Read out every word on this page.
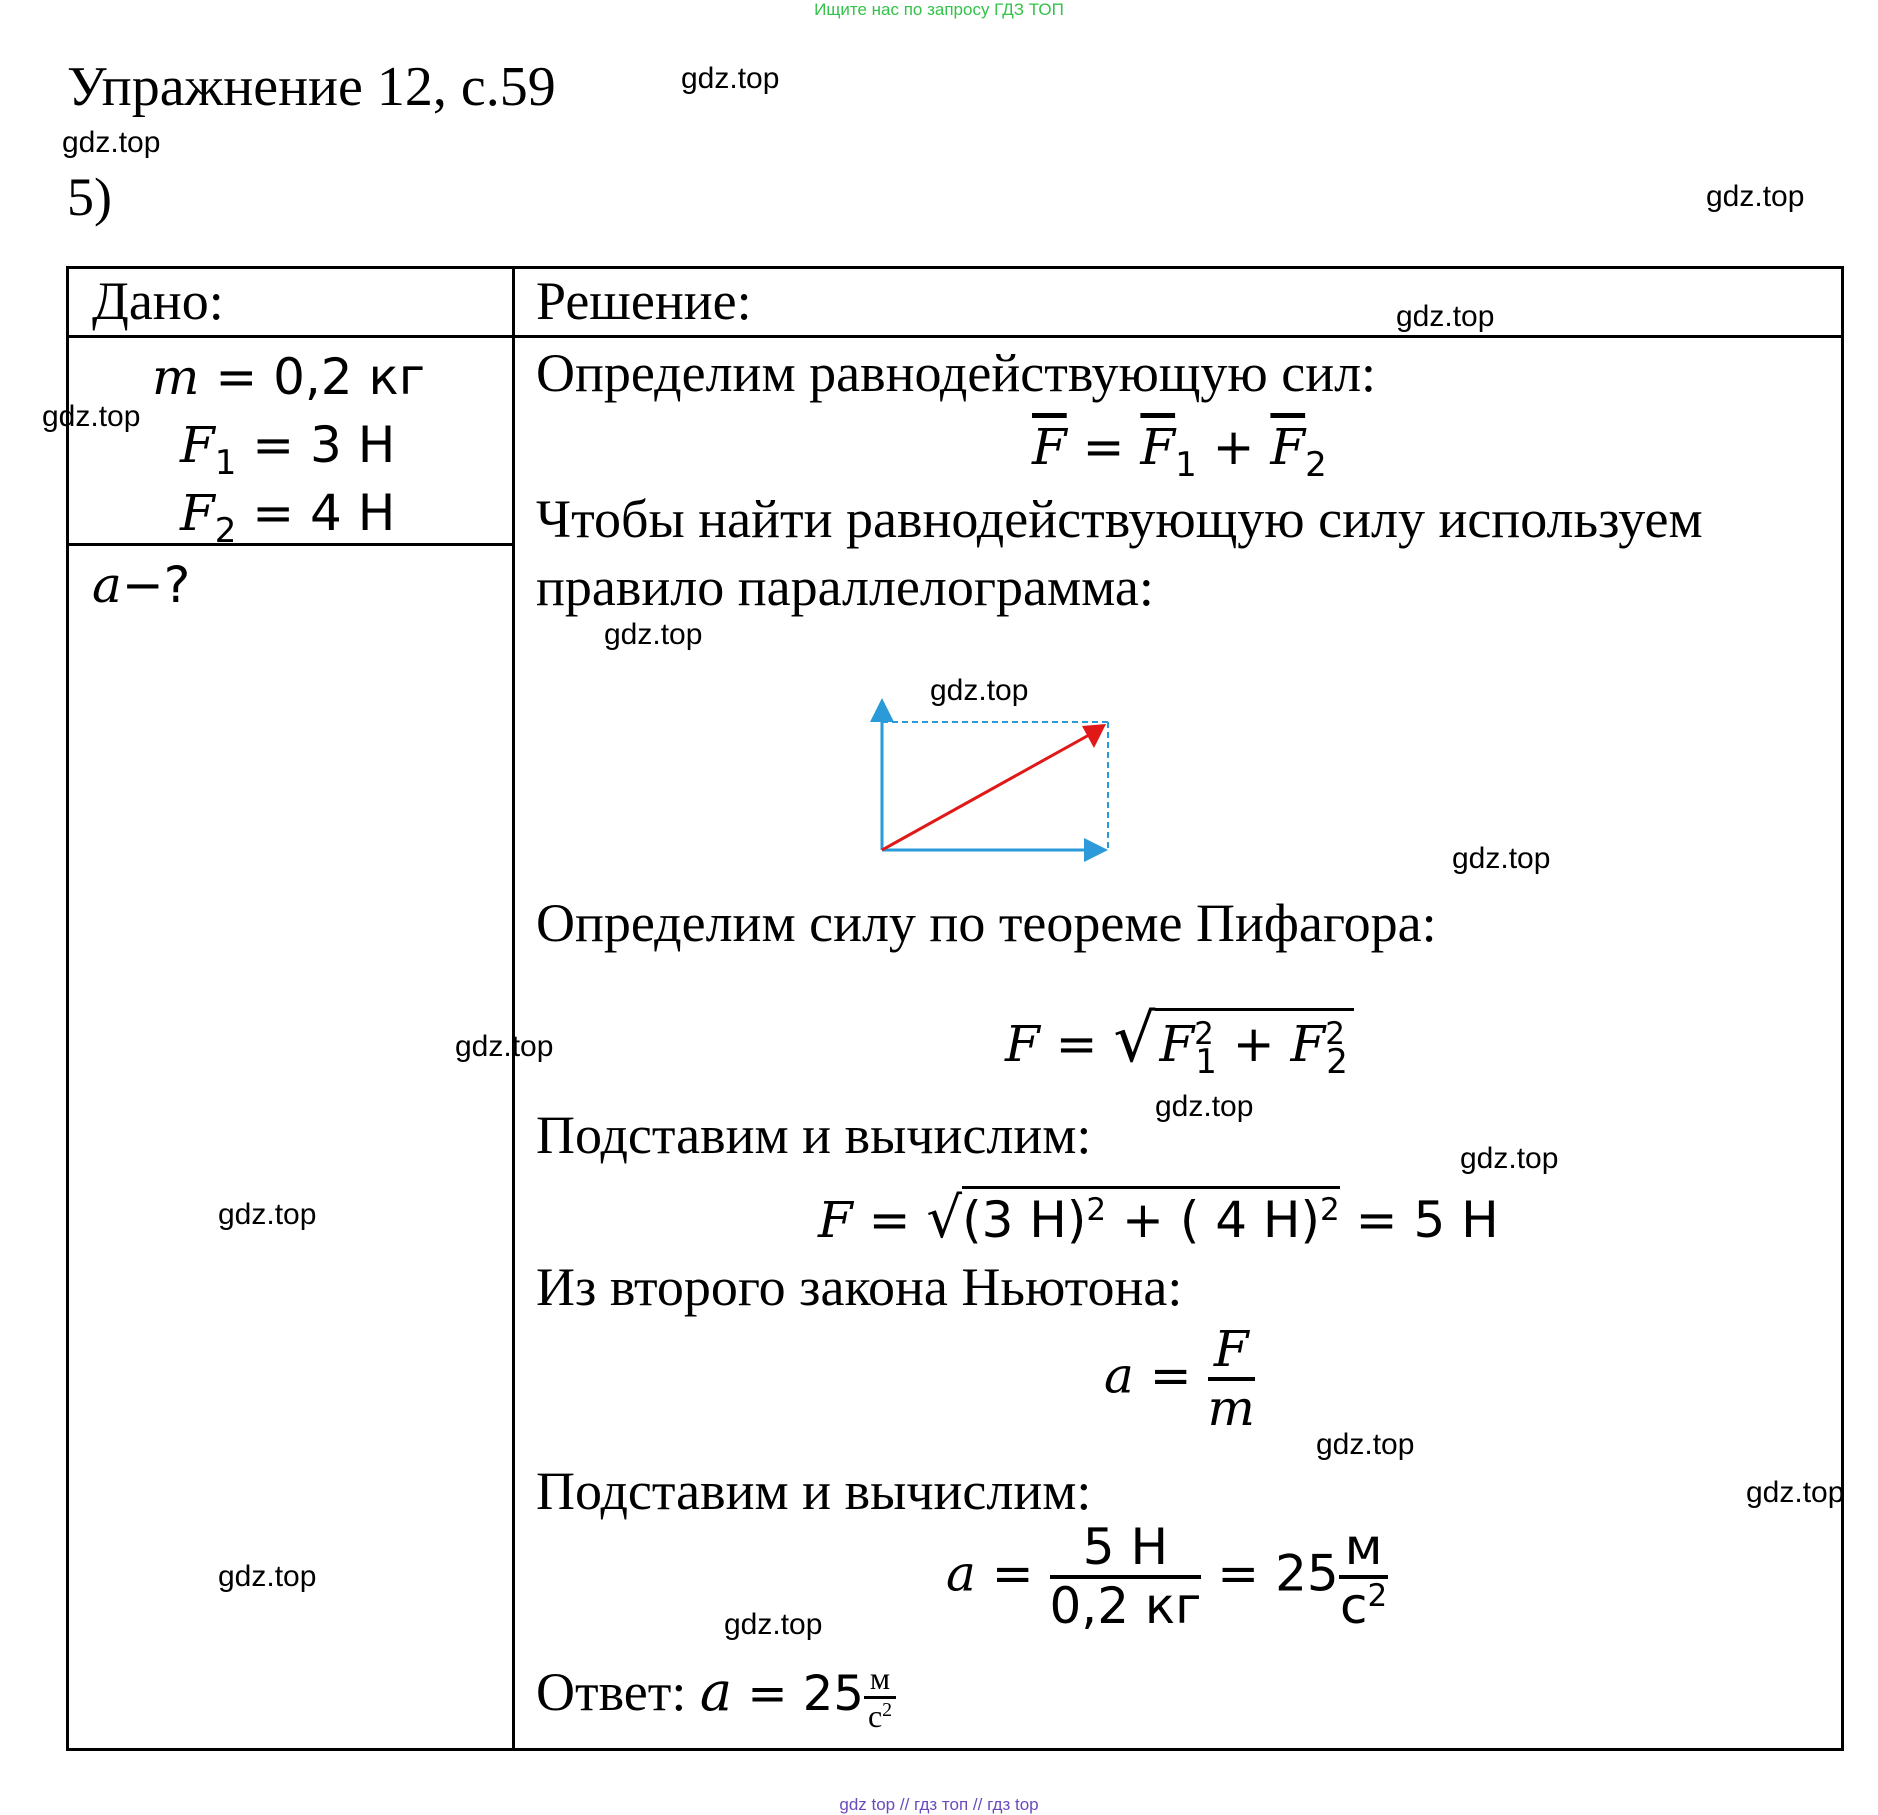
Ищите нас по запросу ГДЗ ТОП
Упражнение 12, с.59
5)
Дано:	Решение:
m = 0,2 кг
$F_1 = 3$ Н
$F_2 = 4$ Н
a−?
Определим равнодействующую сил:
$\overline{F} = \overline{F}_1 + \overline{F}_2$
Чтобы найти равнодействующую силу используем
правило параллелограмма:
Определим силу по теореме Пифагора:
$F = √F^2_1 + F^2_2$
Подставим и вычислим:
F = √(3 Н)$^2$ + ( 4 Н)$^2$ = 5 Н
Из второго закона Ньютона:
$a = \frac{F}{m}$
Подставим и вычислим:
$a = \frac{5 Н}{0,2 кг} = 25 \frac{м}{с^2}$
Ответ: $a = 25 \frac{м}{с^2}$
gdz.top
gdz.top
gdz.top
gdz.top
gdz.top
gdz.top
gdz.top
gdz.top
gdz.top
gdz.top
gdz.top
gdz.top
gdz.top
gdz.top
gdz.top
gdz.top
gdz top // гдз топ // гдз top
